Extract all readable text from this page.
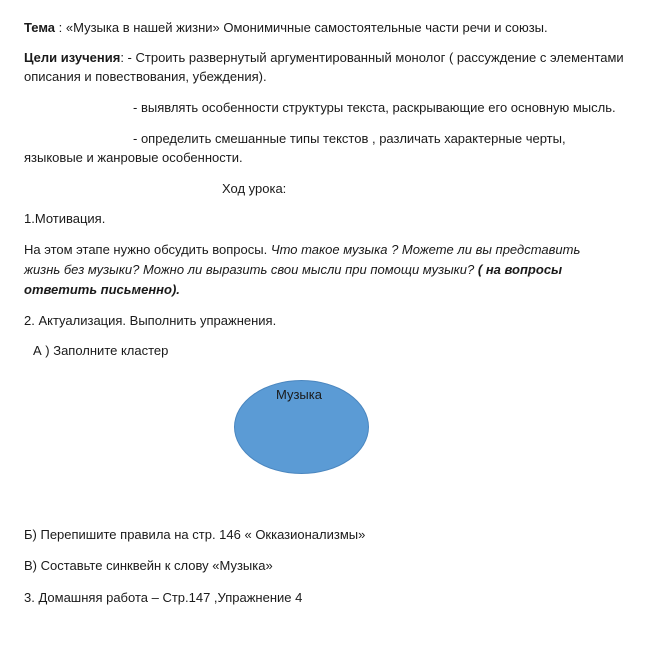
Тема : «Музыка в нашей жизни» Омонимичные самостоятельные части речи и союзы.
Цели изучения: - Строить развернутый аргументированный монолог ( рассуждение с элементами
описания и повествования, убеждения).
- выявлять особенности структуры текста, раскрывающие его основную мысль.
- определить смешанные типы текстов , различать характерные черты,
языковые и жанровые особенности.
Ход урока:
1.Мотивация.
На этом этапе нужно обсудить вопросы. Что такое музыка ? Можете ли вы представить
жизнь без музыки? Можно ли выразить свои мысли при помощи музыки? ( на вопросы
ответить письменно).
2. Актуализация. Выполнить упражнения.
А ) Заполните кластер
Музыка
Б) Перепишите правила на стр. 146 « Окказионализмы»
В) Составьте синквейн к слову «Музыка»
3. Домашняя работа – Стр.147 ,Упражнение 4
